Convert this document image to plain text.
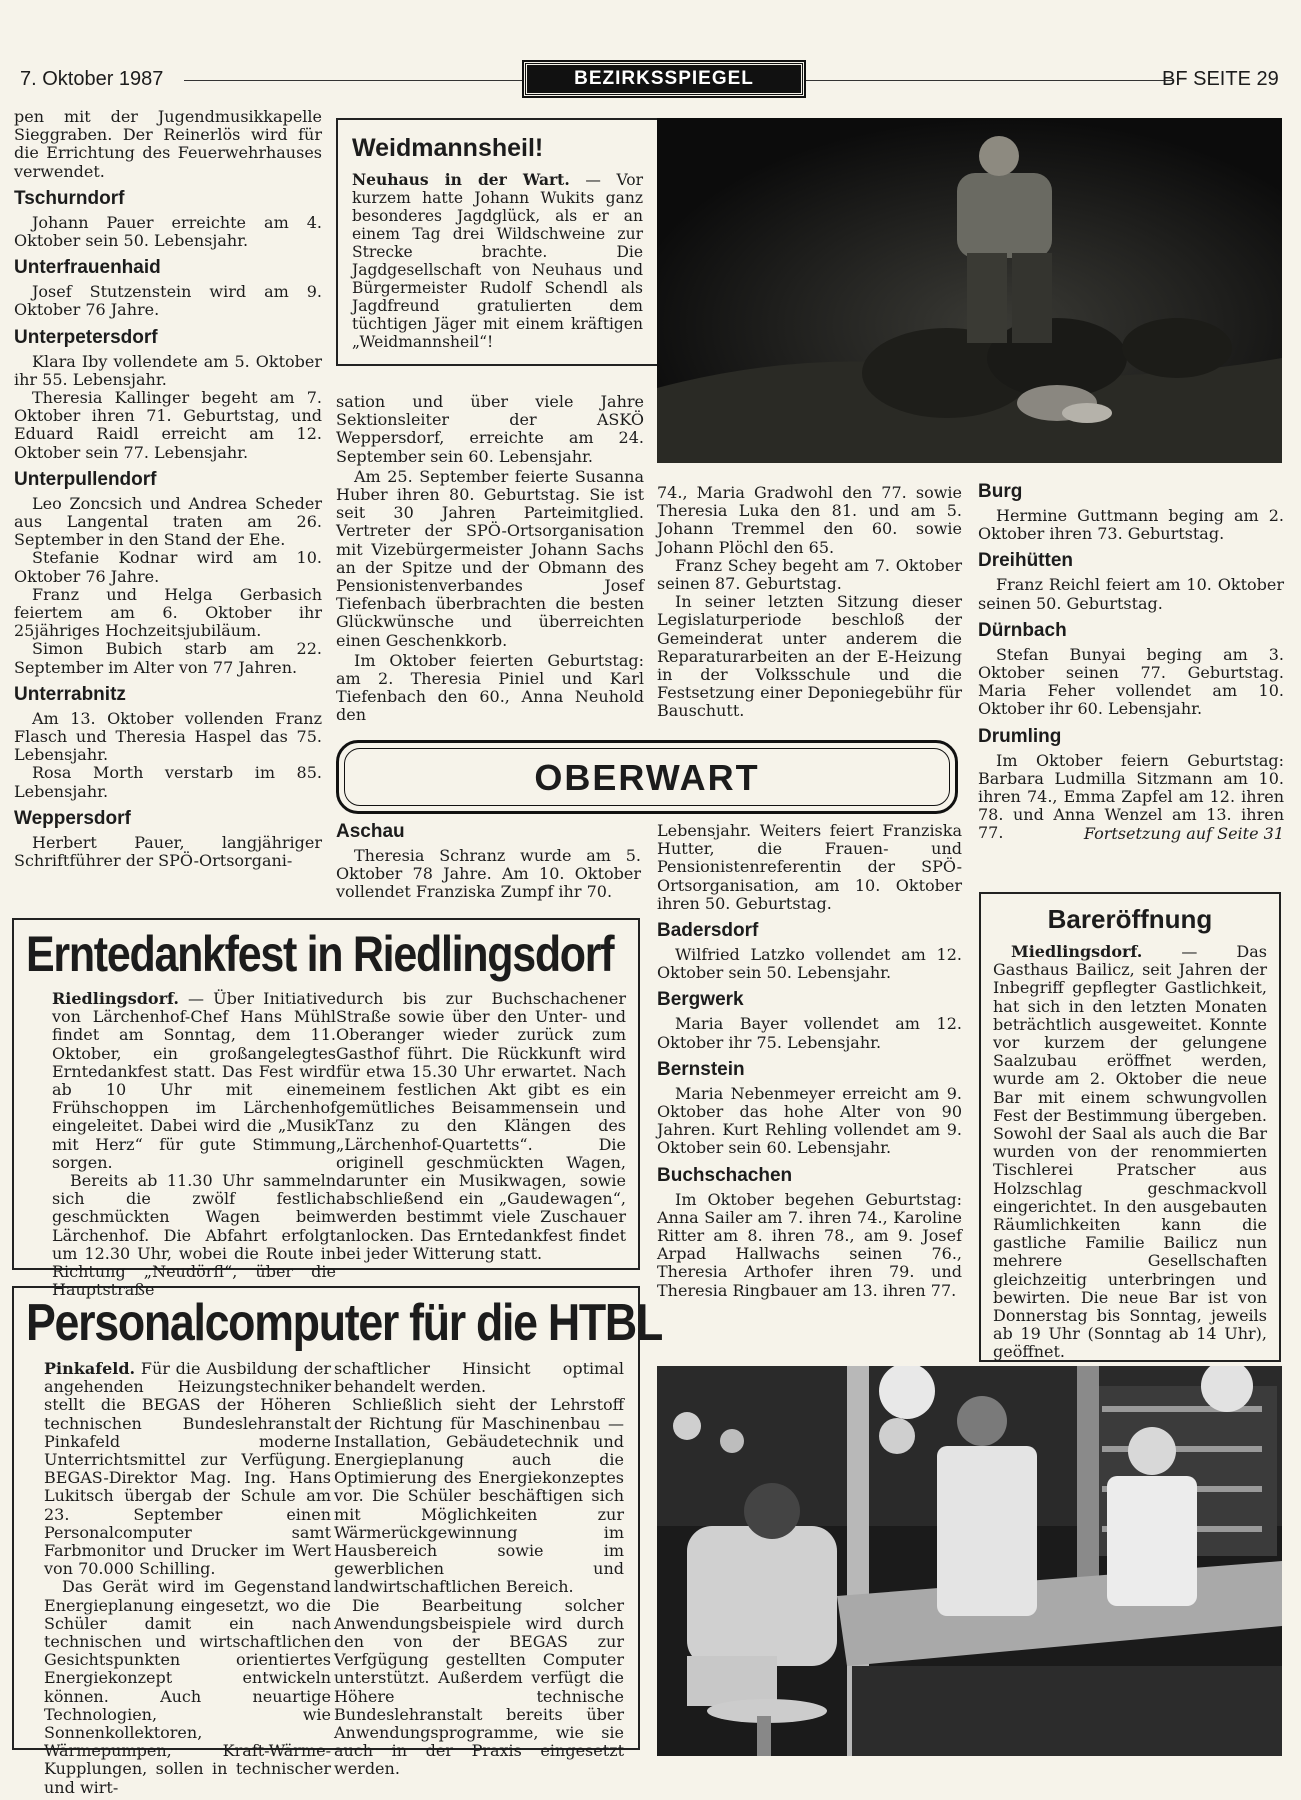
7. Oktober 1987	BEZIRKSSPIEGEL	BF SEITE 29

pen mit der Jugendmusikkapelle Sieggraben. Der Reinerlös wird für die Errichtung des Feuerwehrhauses verwendet.

Tschurndorf

Johann Pauer erreichte am 4. Oktober sein 50. Lebensjahr.

Unterfrauenhaid

Josef Stutzenstein wird am 9. Oktober 76 Jahre.

Unterpetersdorf

Klara Iby vollendete am 5. Oktober ihr 55. Lebensjahr.

Theresia Kallinger begeht am 7. Oktober ihren 71. Geburtstag, und Eduard Raidl erreicht am 12. Oktober sein 77. Lebensjahr.

Unterpullendorf

Leo Zoncsich und Andrea Scheder aus Langental traten am 26. September in den Stand der Ehe.

Stefanie Kodnar wird am 10. Oktober 76 Jahre.

Franz und Helga Gerbasich feiertem am 6. Oktober ihr 25jähriges Hochzeitsjubiläum.

Simon Bubich starb am 22. September im Alter von 77 Jahren.

Unterrabnitz

Am 13. Oktober vollenden Franz Flasch und Theresia Haspel das 75. Lebensjahr.

Rosa Morth verstarb im 85. Lebensjahr.

Weppersdorf

Herbert Pauer, langjähriger Schriftführer der SPÖ-Ortsorgani-

Weidmannsheil!
Neuhaus in der Wart. — Vor kurzem hatte Johann Wukits ganz besonderes Jagdglück, als er an einem Tag drei Wildschweine zur Strecke brachte. Die Jagdgesellschaft von Neuhaus und Bürgermeister Rudolf Schendl als Jagdfreund gratulierten dem tüchtigen Jäger mit einem kräftigen „Weidmannsheil“!

sation und über viele Jahre Sektionsleiter der ASKÖ Weppersdorf, erreichte am 24. September sein 60. Lebensjahr.

Am 25. September feierte Susanna Huber ihren 80. Geburtstag. Sie ist seit 30 Jahren Parteimitglied. Vertreter der SPÖ-Ortsorganisation mit Vizebürgermeister Johann Sachs an der Spitze und der Obmann des Pensionistenverbandes Josef Tiefenbach überbrachten die besten Glückwünsche und überreichten einen Geschenkkorb.

Im Oktober feierten Geburtstag: am 2. Theresia Piniel und Karl Tiefenbach den 60., Anna Neuhold den

74., Maria Gradwohl den 77. sowie Theresia Luka den 81. und am 5. Johann Tremmel den 60. sowie Johann Plöchl den 65.

Franz Schey begeht am 7. Oktober seinen 87. Geburtstag.

In seiner letzten Sitzung dieser Legislaturperiode beschloß der Gemeinderat unter anderem die Reparaturarbeiten an der E-Heizung in der Volksschule und die Festsetzung einer Deponiegebühr für Bauschutt.

Burg

Hermine Guttmann beging am 2. Oktober ihren 73. Geburtstag.

Dreihütten

Franz Reichl feiert am 10. Oktober seinen 50. Geburtstag.

Dürnbach

Stefan Bunyai beging am 3. Oktober seinen 77. Geburtstag. Maria Feher vollendet am 10. Oktober ihr 60. Lebensjahr.

Drumling

Im Oktober feiern Geburtstag: Barbara Ludmilla Sitzmann am 10. ihren 74., Emma Zapfel am 12. ihren 78. und Anna Wenzel am 13. ihren 77.	Fortsetzung auf Seite 31

OBERWART
Aschau

Theresia Schranz wurde am 5. Oktober 78 Jahre. Am 10. Oktober vollendet Franziska Zumpf ihr 70.

Lebensjahr. Weiters feiert Franziska Hutter, die Frauen- und Pensionistenreferentin der SPÖ-Ortsorganisation, am 10. Oktober ihren 50. Geburtstag.

Badersdorf

Wilfried Latzko vollendet am 12. Oktober sein 50. Lebensjahr.

Bergwerk

Maria Bayer vollendet am 12. Oktober ihr 75. Lebensjahr.

Bernstein

Maria Nebenmeyer erreicht am 9. Oktober das hohe Alter von 90 Jahren. Kurt Rehling vollendet am 9. Oktober sein 60. Lebensjahr.

Buchschachen

Im Oktober begehen Geburtstag: Anna Sailer am 7. ihren 74., Karoline Ritter am 8. ihren 78., am 9. Josef Arpad Hallwachs seinen 76., Theresia Arthofer ihren 79. und Theresia Ringbauer am 13. ihren 77.

Erntedankfest in Riedlingsdorf

Riedlingsdorf. — Über Initiative von Lärchenhof-Chef Hans Mühl findet am Sonntag, dem 11. Oktober, ein großangelegtes Erntedankfest statt. Das Fest wird ab 10 Uhr mit einem Frühschoppen im Lärchenhof eingeleitet. Dabei wird die „Musik mit Herz“ für gute Stimmung sorgen.

Bereits ab 11.30 Uhr sammeln sich die zwölf festlich geschmückten Wagen beim Lärchenhof. Die Abfahrt erfolgt um 12.30 Uhr, wobei die Route in Richtung „Neudörfl“, über die Hauptstraße

durch bis zur Buchschachener Straße sowie über den Unter- und Oberanger wieder zurück zum Gasthof führt. Die Rückkunft wird für etwa 15.30 Uhr erwartet. Nach einem festlichen Akt gibt es ein gemütliches Beisammensein und Tanz zu den Klängen des „Lärchenhof-Quartetts“. Die originell geschmückten Wagen, darunter ein Musikwagen, sowie abschließend ein „Gaudewagen“, werden bestimmt viele Zuschauer anlocken. Das Erntedankfest findet bei jeder Witterung statt.

Personalcomputer für die HTBL

Pinkafeld. Für die Ausbildung der angehenden Heizungstechniker stellt die BEGAS der Höheren technischen Bundeslehranstalt Pinkafeld moderne Unterrichtsmittel zur Verfügung. BEGAS-Direktor Mag. Ing. Hans Lukitsch übergab der Schule am 23. September einen Personalcomputer samt Farbmonitor und Drucker im Wert von 70.000 Schilling.

Das Gerät wird im Gegenstand Energieplanung eingesetzt, wo die Schüler damit ein nach technischen und wirtschaftlichen Gesichtspunkten orientiertes Energiekonzept entwickeln können. Auch neuartige Technologien, wie Sonnenkollektoren, Wärmepumpen, Kraft-Wärme-Kupplungen, sollen in technischer und wirt-

schaftlicher Hinsicht optimal behandelt werden.

Schließlich sieht der Lehrstoff der Richtung für Maschinenbau — Installation, Gebäudetechnik und Energieplanung auch die Optimierung des Energiekonzeptes vor. Die Schüler beschäftigen sich mit Möglichkeiten zur Wärmerückgewinnung im Hausbereich sowie im gewerblichen und landwirtschaftlichen Bereich.

Die Bearbeitung solcher Anwendungsbeispiele wird durch den von der BEGAS zur Verfgügung gestellten Computer unterstützt. Außerdem verfügt die Höhere technische Bundeslehranstalt bereits über Anwendungsprogramme, wie sie auch in der Praxis eingesetzt werden.

Bareröffnung
Miedlingsdorf. — Das Gasthaus Bailicz, seit Jahren der Inbegriff gepflegter Gastlichkeit, hat sich in den letzten Monaten beträchtlich ausgeweitet. Konnte vor kurzem der gelungene Saalzubau eröffnet werden, wurde am 2. Oktober die neue Bar mit einem schwungvollen Fest der Bestimmung übergeben. Sowohl der Saal als auch die Bar wurden von der renommierten Tischlerei Pratscher aus Holzschlag geschmackvoll eingerichtet. In den ausgebauten Räumlichkeiten kann die gastliche Familie Bailicz nun mehrere Gesellschaften gleichzeitig unterbringen und bewirten. Die neue Bar ist von Donnerstag bis Sonntag, jeweils ab 19 Uhr (Sonntag ab 14 Uhr), geöffnet.
